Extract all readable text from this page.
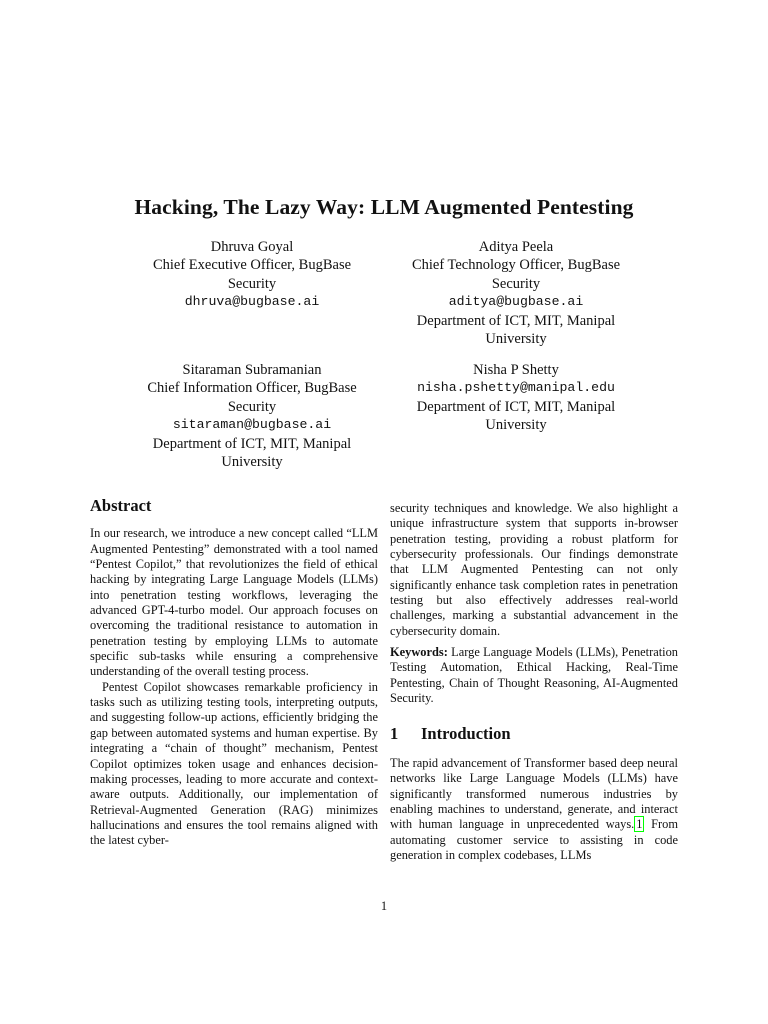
Hacking, The Lazy Way: LLM Augmented Pentesting
Dhruva Goyal
Chief Executive Officer, BugBase
Security
dhruva@bugbase.ai
Aditya Peela
Chief Technology Officer, BugBase
Security
aditya@bugbase.ai
Department of ICT, MIT, Manipal
University
Sitaraman Subramanian
Chief Information Officer, BugBase
Security
sitaraman@bugbase.ai
Department of ICT, MIT, Manipal
University
Nisha P Shetty
nisha.pshetty@manipal.edu
Department of ICT, MIT, Manipal
University
Abstract

In our research, we introduce a new concept called “LLM Augmented Pentesting” demonstrated with a tool named “Pentest Copilot,” that revolutionizes the field of ethical hacking by integrating Large Language Models (LLMs) into penetration testing workflows, leveraging the advanced GPT-4-turbo model. Our approach focuses on overcoming the traditional resistance to automation in penetration testing by employing LLMs to automate specific sub-tasks while ensuring a comprehensive understanding of the overall testing process.

Pentest Copilot showcases remarkable proficiency in tasks such as utilizing testing tools, interpreting outputs, and suggesting follow-up actions, efficiently bridging the gap between automated systems and human expertise. By integrating a “chain of thought” mechanism, Pentest Copilot optimizes token usage and enhances decision-making processes, leading to more accurate and context-aware outputs. Additionally, our implementation of Retrieval-Augmented Generation (RAG) minimizes hallucinations and ensures the tool remains aligned with the latest cyber-

security techniques and knowledge. We also highlight a unique infrastructure system that supports in-browser penetration testing, providing a robust platform for cybersecurity professionals. Our findings demonstrate that LLM Augmented Pentesting can not only significantly enhance task completion rates in penetration testing but also effectively addresses real-world challenges, marking a substantial advancement in the cybersecurity domain.

Keywords: Large Language Models (LLMs), Penetration Testing Automation, Ethical Hacking, Real-Time Pentesting, Chain of Thought Reasoning, AI-Augmented Security.

1 Introduction

The rapid advancement of Transformer based deep neural networks like Large Language Models (LLMs) have significantly transformed numerous industries by enabling machines to understand, generate, and interact with human language in unprecedented ways. 1 From automating customer service to assisting in code generation in complex codebases, LLMs

1
